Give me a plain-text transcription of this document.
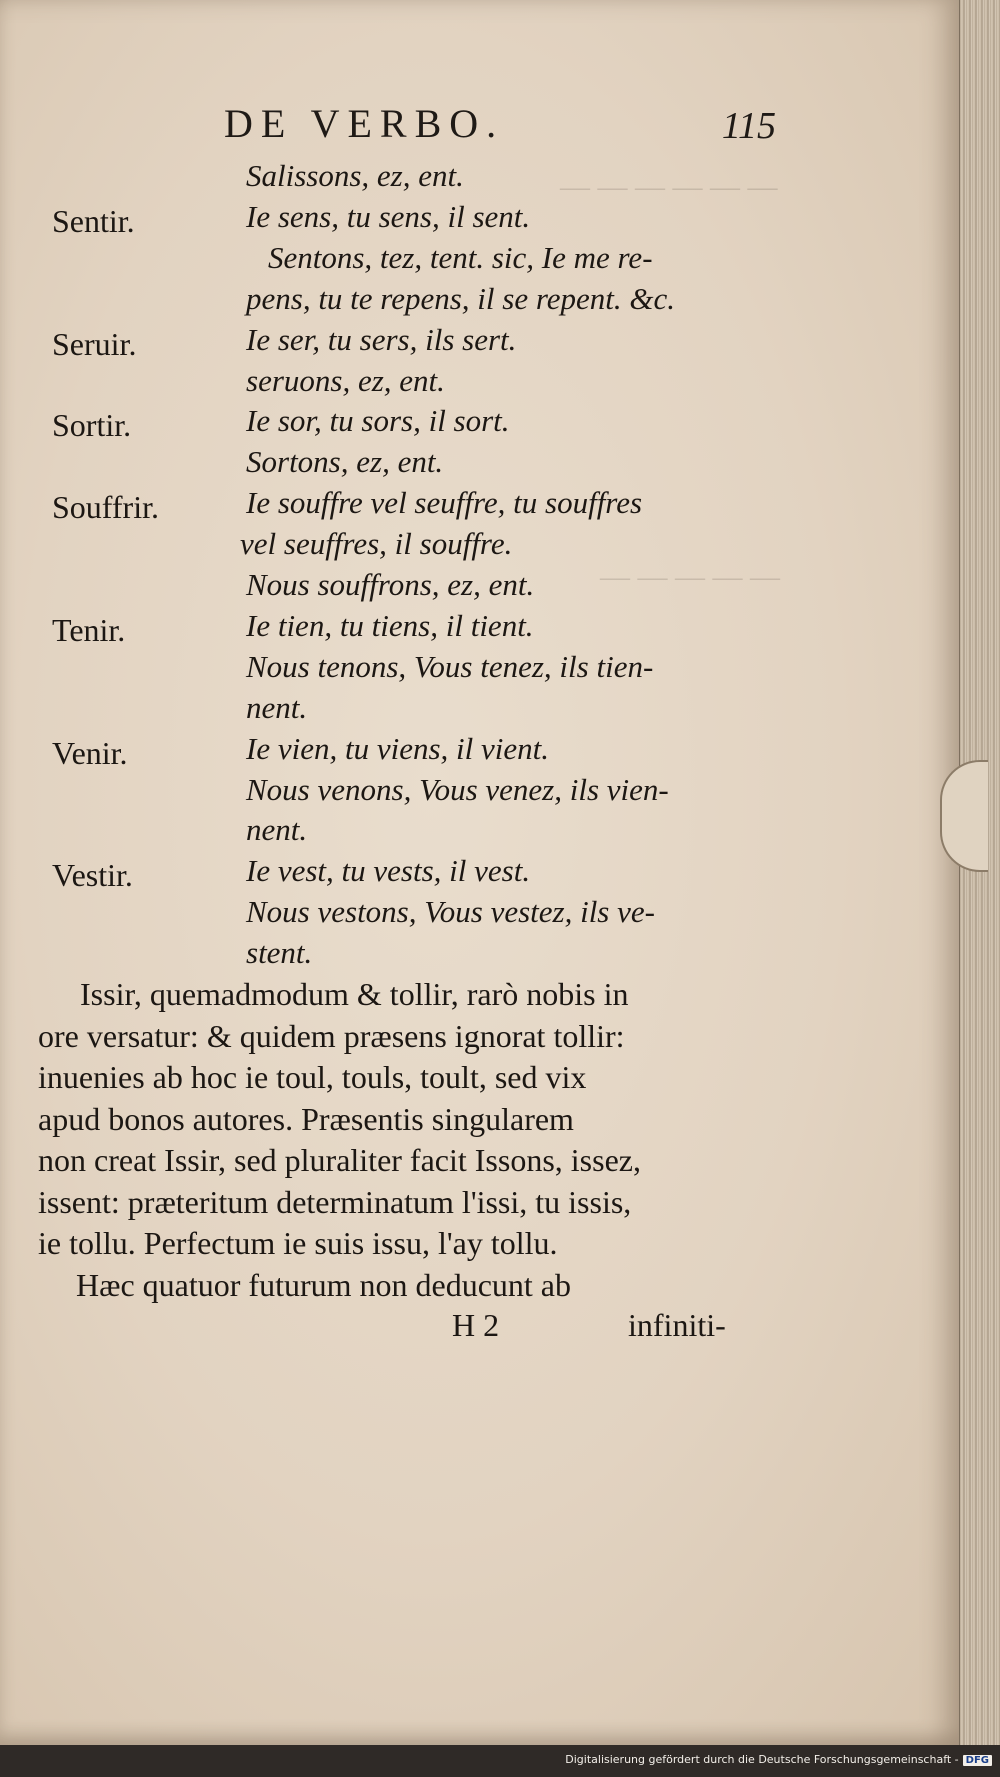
— — — — — —
— — — — —
DE VERBO.	115
Salissons, ez, ent.
Sentir.	Ie sens, tu sens, il sent.
Sentons, tez, tent. sic, Ie me re-
pens, tu te repens, il se repent. &c.
Seruir.	Ie ser, tu sers, ils sert.
seruons, ez, ent.
Sortir.	Ie sor, tu sors, il sort.
Sortons, ez, ent.
Souffrir.	Ie souffre vel seuffre, tu souffres
vel seuffres, il souffre.
Nous souffrons, ez, ent.
Tenir.	Ie tien, tu tiens, il tient.
Nous tenons, Vous tenez, ils tien-
nent.
Venir.	Ie vien, tu viens, il vient.
Nous venons, Vous venez, ils vien-
nent.
Vestir.	Ie vest, tu vests, il vest.
Nous vestons, Vous vestez, ils ve-
stent.
Issir, quemadmodum & tollir, rarò nobis in
ore versatur: & quidem præsens ignorat tollir:
inuenies ab hoc ie toul, touls, toult, sed vix
apud bonos autores. Præsentis singularem
non creat Issir, sed pluraliter facit Issons, issez,
issent: præteritum determinatum l'issi, tu issis,
ie tollu. Perfectum ie suis issu, l'ay tollu.
Hæc quatuor futurum non deducunt ab
H 2	infiniti-
Digitalisierung gefördert durch die Deutsche Forschungsgemeinschaft - DFG
